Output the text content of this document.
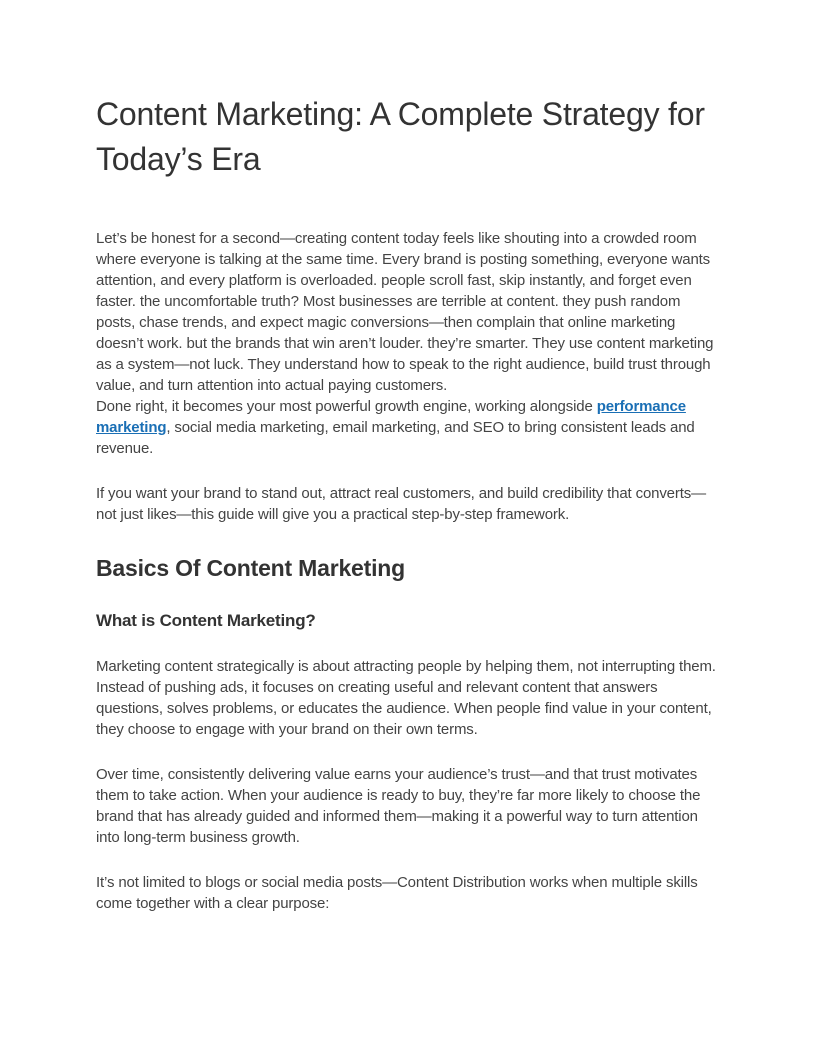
Content Marketing: A Complete Strategy for Today’s Era

Let’s be honest for a second—creating content today feels like shouting into a crowded room where everyone is talking at the same time. Every brand is posting something, everyone wants attention, and every platform is overloaded. people scroll fast, skip instantly, and forget even faster. the uncomfortable truth? Most businesses are terrible at content. they push random posts, chase trends, and expect magic conversions—then complain that online marketing doesn’t work. but the brands that win aren’t louder. they’re smarter. They use content marketing as a system—not luck. They understand how to speak to the right audience, build trust through value, and turn attention into actual paying customers.
Done right, it becomes your most powerful growth engine, working alongside performance marketing, social media marketing, email marketing, and SEO to bring consistent leads and revenue.

If you want your brand to stand out, attract real customers, and build credibility that converts—not just likes—this guide will give you a practical step-by-step framework.

Basics Of Content Marketing
What is Content Marketing?

Marketing content strategically is about attracting people by helping them, not interrupting them. Instead of pushing ads, it focuses on creating useful and relevant content that answers questions, solves problems, or educates the audience. When people find value in your content, they choose to engage with your brand on their own terms.

Over time, consistently delivering value earns your audience’s trust—and that trust motivates them to take action. When your audience is ready to buy, they’re far more likely to choose the brand that has already guided and informed them—making it a powerful way to turn attention into long-term business growth.

It’s not limited to blogs or social media posts—Content Distribution works when multiple skills come together with a clear purpose:
